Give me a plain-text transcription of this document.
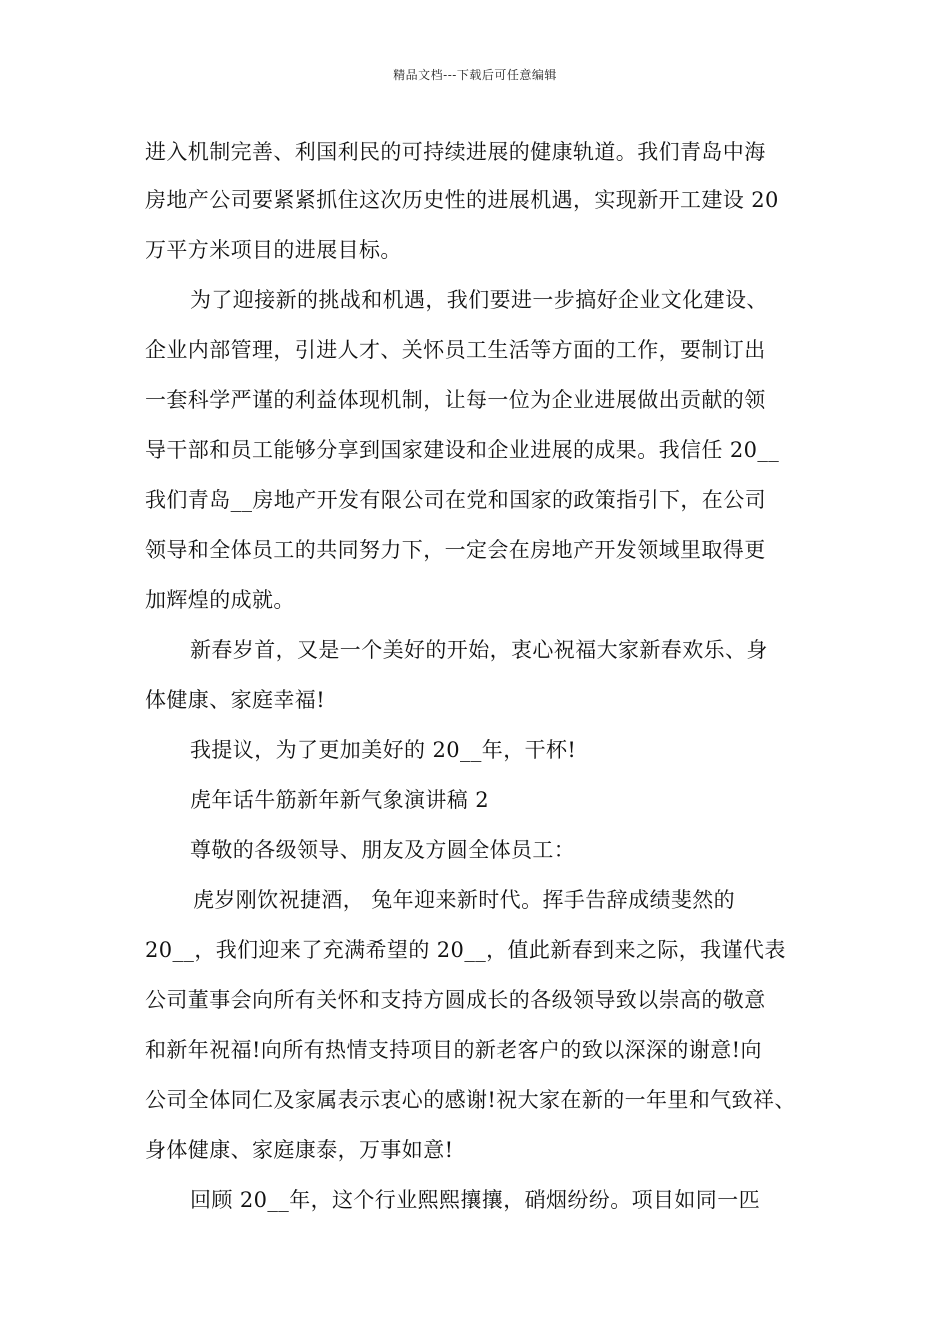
精品文档---下载后可任意编辑
进入机制完善、利国利民的可持续进展的健康轨道。我们青岛中海
房地产公司要紧紧抓住这次历史性的进展机遇，实现新开工建设 20
万平方米项目的进展目标。
为了迎接新的挑战和机遇，我们要进一步搞好企业文化建设、
企业内部管理，引进人才、关怀员工生活等方面的工作，要制订出
一套科学严谨的利益体现机制，让每一位为企业进展做出贡献的领
导干部和员工能够分享到国家建设和企业进展的成果。我信任 20__
我们青岛__房地产开发有限公司在党和国家的政策指引下，在公司
领导和全体员工的共同努力下，一定会在房地产开发领域里取得更
加辉煌的成就。
新春岁首，又是一个美好的开始，衷心祝福大家新春欢乐、身
体健康、家庭幸福!
我提议，为了更加美好的 20__年，干杯!
虎年话牛筋新年新气象演讲稿 2
尊敬的各级领导、朋友及方圆全体员工：
虎岁刚饮祝捷酒， 兔年迎来新时代。挥手告辞成绩斐然的
20__，我们迎来了充满希望的 20__，值此新春到来之际，我谨代表
公司董事会向所有关怀和支持方圆成长的各级领导致以崇高的敬意
和新年祝福!向所有热情支持项目的新老客户的致以深深的谢意!向
公司全体同仁及家属表示衷心的感谢!祝大家在新的一年里和气致祥、
身体健康、家庭康泰，万事如意!
回顾 20__年，这个行业熙熙攘攘，硝烟纷纷。项目如同一匹
